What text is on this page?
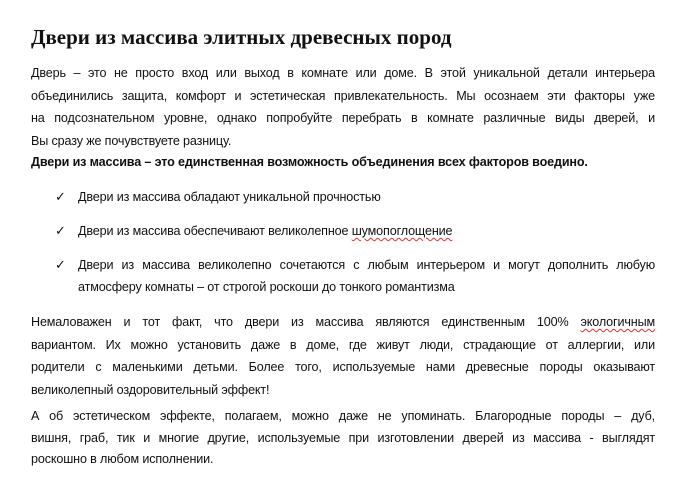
Двери из массива элитных древесных пород
Дверь – это не просто вход или выход в комнате или доме. В этой уникальной детали интерьера
объединились защита, комфорт и эстетическая привлекательность. Мы осознаем эти факторы уже
на подсознательном уровне, однако попробуйте перебрать в комнате различные виды дверей, и
Вы сразу же почувствуете разницу.
Двери из массива – это единственная возможность объединения всех факторов воедино.
✓ Двери из массива обладают уникальной прочностью
✓ Двери из массива обеспечивают великолепное шумопоглощение
✓ Двери из массива великолепно сочетаются с любым интерьером и могут дополнить любую
атмосферу комнаты – от строгой роскоши до тонкого романтизма
Немаловажен и тот факт, что двери из массива являются единственным 100% экологичным
вариантом. Их можно установить даже в доме, где живут люди, страдающие от аллергии, или
родители с маленькими детьми. Более того, используемые нами древесные породы оказывают
великолепный оздоровительный эффект!
А об эстетическом эффекте, полагаем, можно даже не упоминать. Благородные породы – дуб,
вишня, граб, тик и многие другие, используемые при изготовлении дверей из массива - выглядят
роскошно в любом исполнении.
